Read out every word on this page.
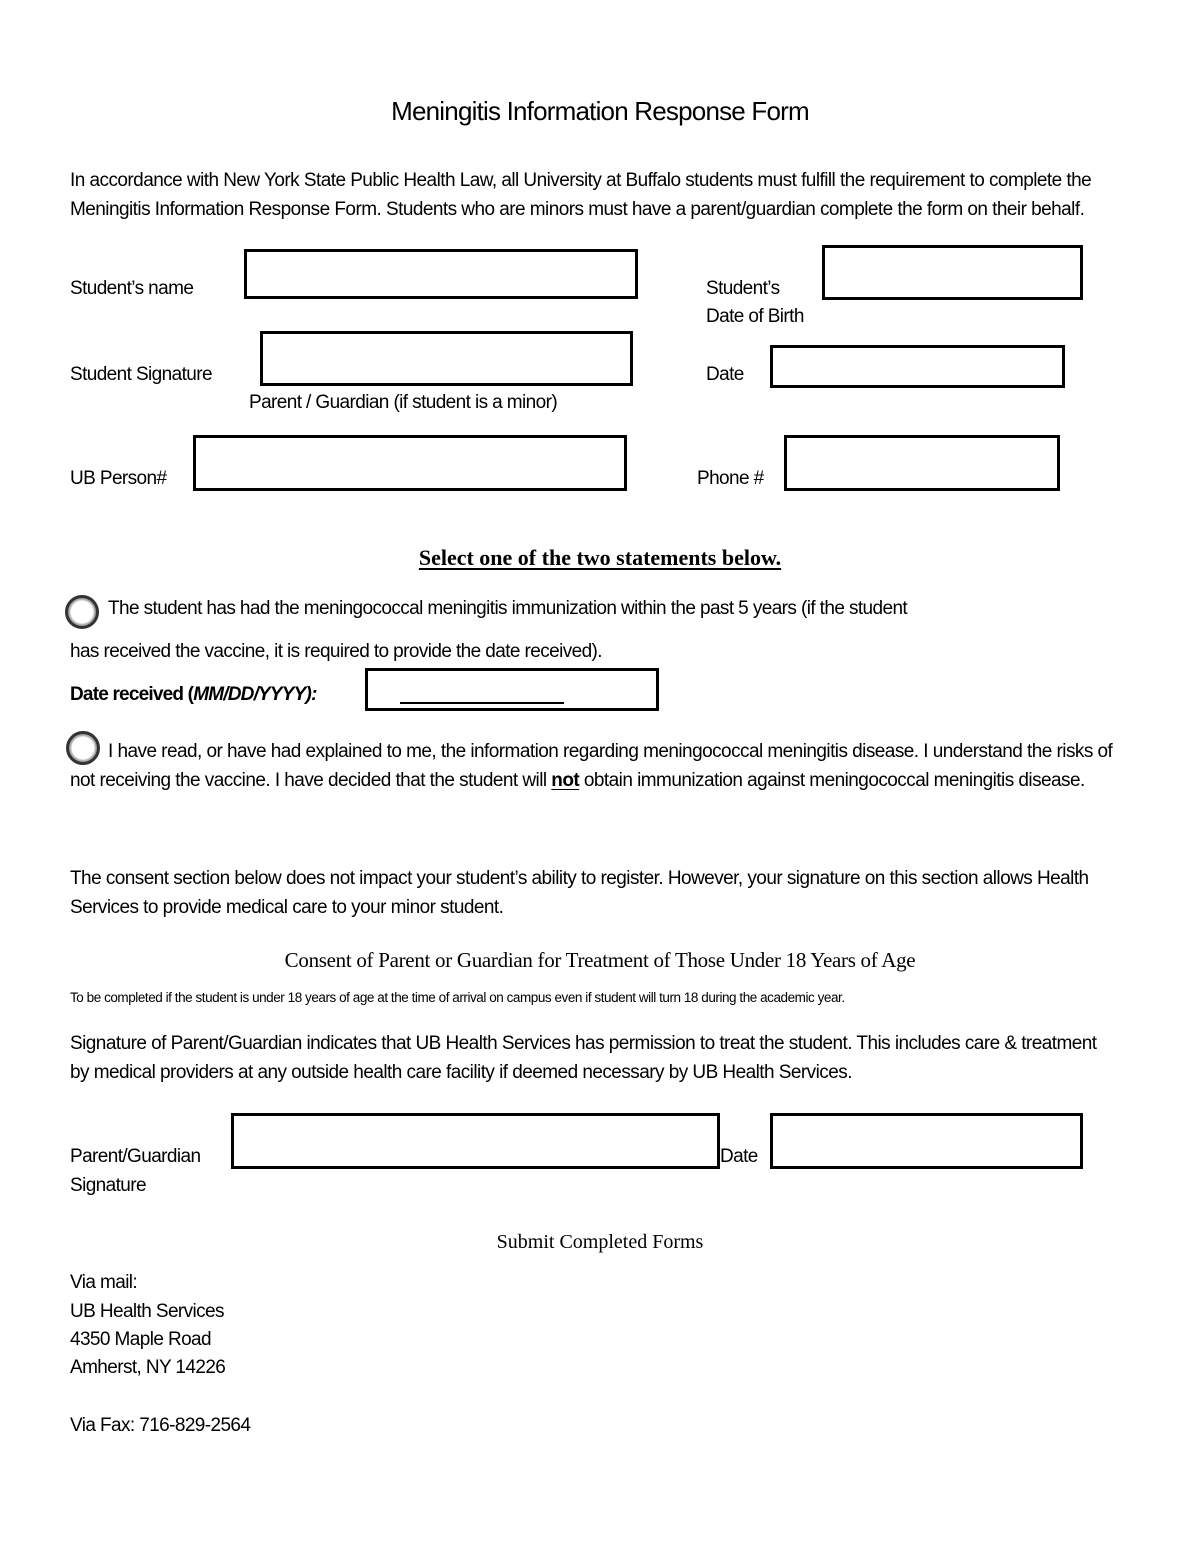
Meningitis Information Response Form
In accordance with New York State Public Health Law, all University at Buffalo students must fulfill the requirement to complete the Meningitis Information Response Form. Students who are minors must have a parent/guardian complete the form on their behalf.
Student’s name	Student’s
Date of Birth
Student Signature
Parent / Guardian (if student is a minor)
Date
UB Person#	Phone #
Select one of the two statements below.
The student has had the meningococcal meningitis immunization within the past 5 years (if the student
has received the vaccine, it is required to provide the date received).
Date received (MM/DD/YYYY):
I have read, or have had explained to me, the information regarding meningococcal meningitis disease. I understand the risks of not receiving the vaccine. I have decided that the student will not obtain immunization against meningococcal meningitis disease.
The consent section below does not impact your student’s ability to register. However, your signature on this section allows Health Services to provide medical care to your minor student.
Consent of Parent or Guardian for Treatment of Those Under 18 Years of Age
To be completed if the student is under 18 years of age at the time of arrival on campus even if student will turn 18 during the academic year.
Signature of Parent/Guardian indicates that UB Health Services has permission to treat the student. This includes care & treatment by medical providers at any outside health care facility if deemed necessary by UB Health Services.
Parent/Guardian
Signature
Date
Submit Completed Forms
Via mail:
UB Health Services
4350 Maple Road
Amherst, NY 14226
Via Fax: 716-829-2564
